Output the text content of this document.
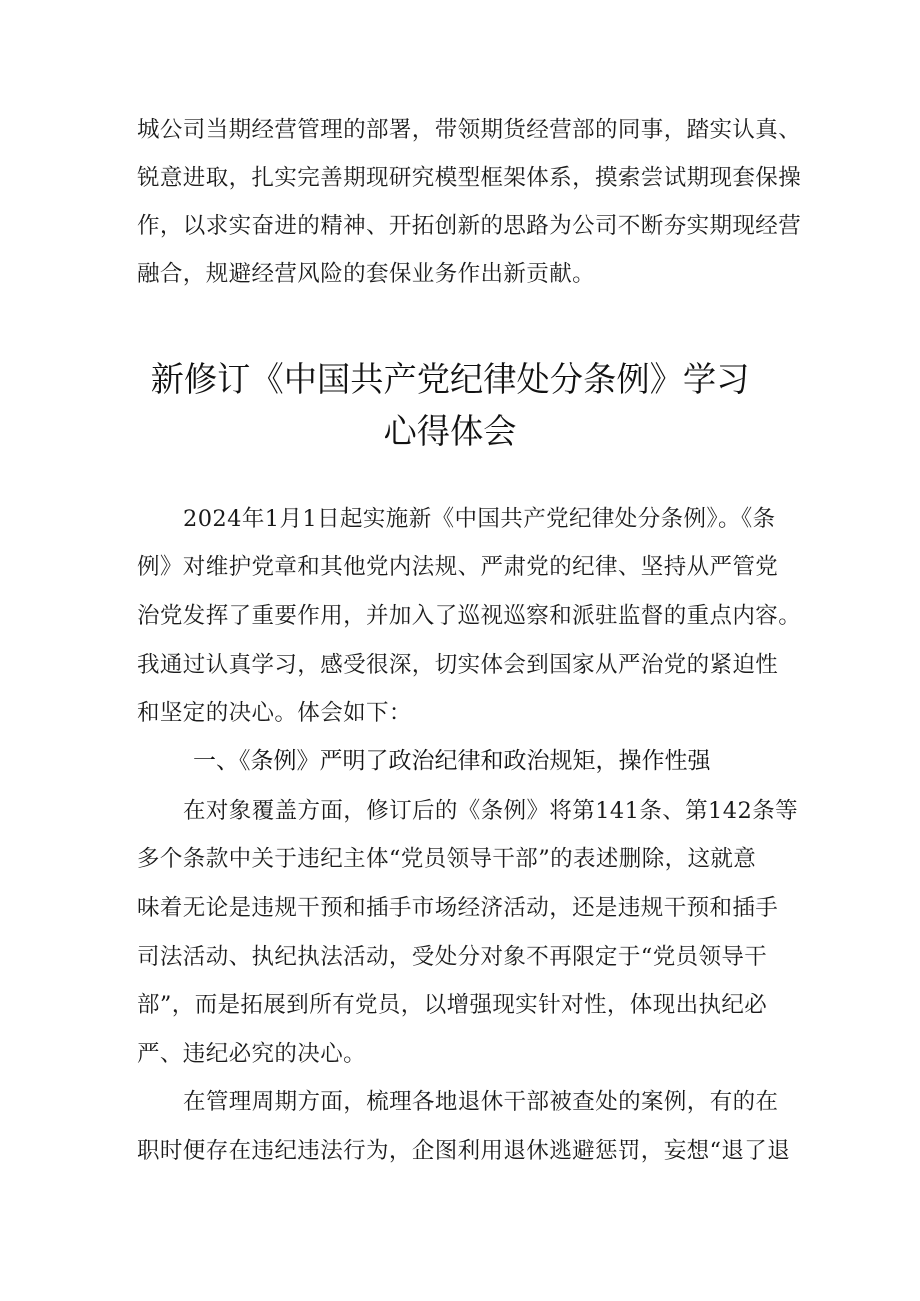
城公司当期经营管理的部署，带领期货经营部的同事，踏实认真、
锐意进取，扎实完善期现研究模型框架体系，摸索尝试期现套保操
作，以求实奋进的精神、开拓创新的思路为公司不断夯实期现经营
融合，规避经营风险的套保业务作出新贡献。
新修订《中国共产党纪律处分条例》学习
心得体会
2024年1月1日起实施新《中国共产党纪律处分条例》。《条
例》对维护党章和其他党内法规、严肃党的纪律、坚持从严管党
治党发挥了重要作用，并加入了巡视巡察和派驻监督的重点内容。
我通过认真学习，感受很深，切实体会到国家从严治党的紧迫性
和坚定的决心。体会如下：
一、《条例》严明了政治纪律和政治规矩，操作性强
在对象覆盖方面，修订后的《条例》将第141条、第142条等
多个条款中关于违纪主体“党员领导干部”的表述删除，这就意
味着无论是违规干预和插手市场经济活动，还是违规干预和插手
司法活动、执纪执法活动，受处分对象不再限定于“党员领导干
部”，而是拓展到所有党员，以增强现实针对性，体现出执纪必
严、违纪必究的决心。
在管理周期方面，梳理各地退休干部被查处的案例，有的在
职时便存在违纪违法行为，企图利用退休逃避惩罚，妄想“退了退
